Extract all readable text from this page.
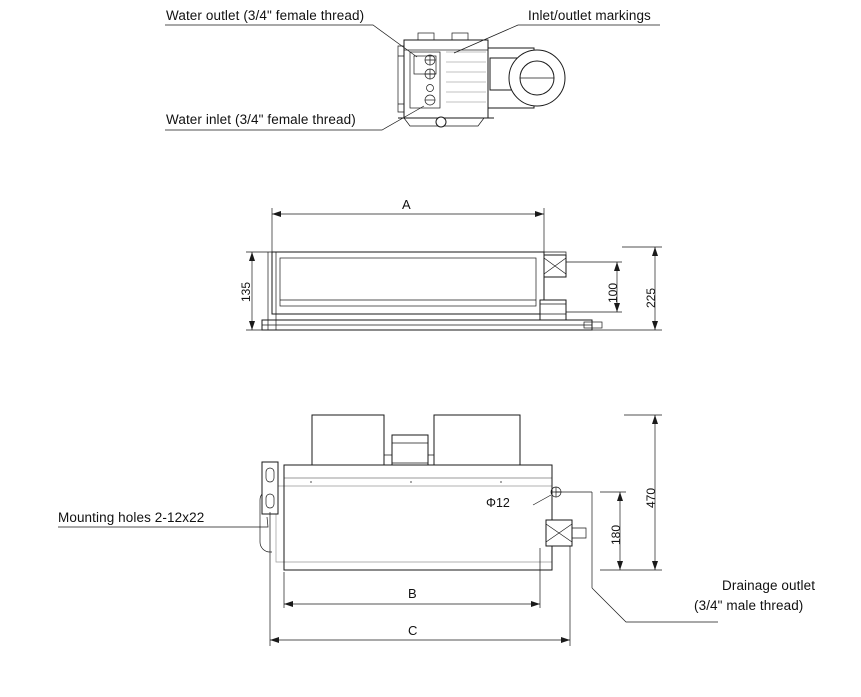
Water outlet (3/4" female thread)	Inlet/outlet markings
Water inlet (3/4" female thread)
Mounting holes 2-12x22
Drainage outlet
(3/4" male thread)
Φ12
A
135	100 225
470
180
B
C
